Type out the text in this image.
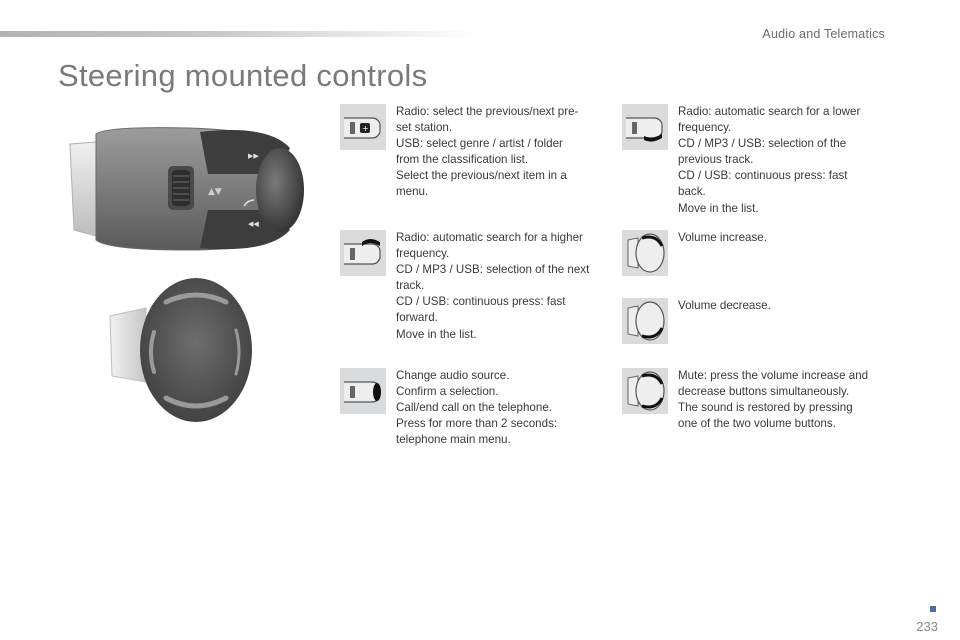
Audio and Telematics
Steering mounted controls
▲▼
▶▶
◀◀
+
Radio: select the previous/next pre-
set station.
USB: select genre / artist / folder
from the classification list.
Select the previous/next item in a
menu.
Radio: automatic search for a lower
frequency.
CD / MP3 / USB: selection of the
previous track.
CD / USB: continuous press: fast
back.
Move in the list.
Radio: automatic search for a higher
frequency.
CD / MP3 / USB: selection of the next
track.
CD / USB: continuous press: fast
forward.
Move in the list.
Volume increase.
Volume decrease.
Change audio source.
Confirm a selection.
Call/end call on the telephone.
Press for more than 2 seconds:
telephone main menu.
Mute: press the volume increase and
decrease buttons simultaneously.
The sound is restored by pressing
one of the two volume buttons.
233
